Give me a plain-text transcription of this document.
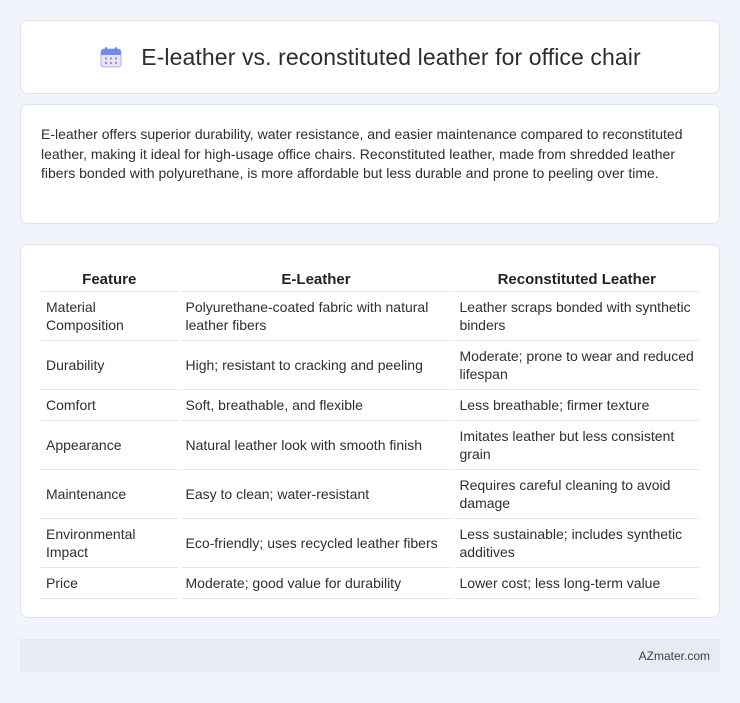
E-leather vs. reconstituted leather for office chair

E-leather offers superior durability, water resistance, and easier maintenance compared to reconstituted leather, making it ideal for high-usage office chairs. Reconstituted leather, made from shredded leather fibers bonded with polyurethane, is more affordable but less durable and prone to peeling over time.

Feature	E-Leather	Reconstituted Leather
Material Composition	Polyurethane-coated fabric with natural leather fibers	Leather scraps bonded with synthetic binders
Durability	High; resistant to cracking and peeling	Moderate; prone to wear and reduced lifespan
Comfort	Soft, breathable, and flexible	Less breathable; firmer texture
Appearance	Natural leather look with smooth finish	Imitates leather but less consistent grain
Maintenance	Easy to clean; water-resistant	Requires careful cleaning to avoid damage
Environmental Impact	Eco-friendly; uses recycled leather fibers	Less sustainable; includes synthetic additives
Price	Moderate; good value for durability	Lower cost; less long-term value
AZmater.com
